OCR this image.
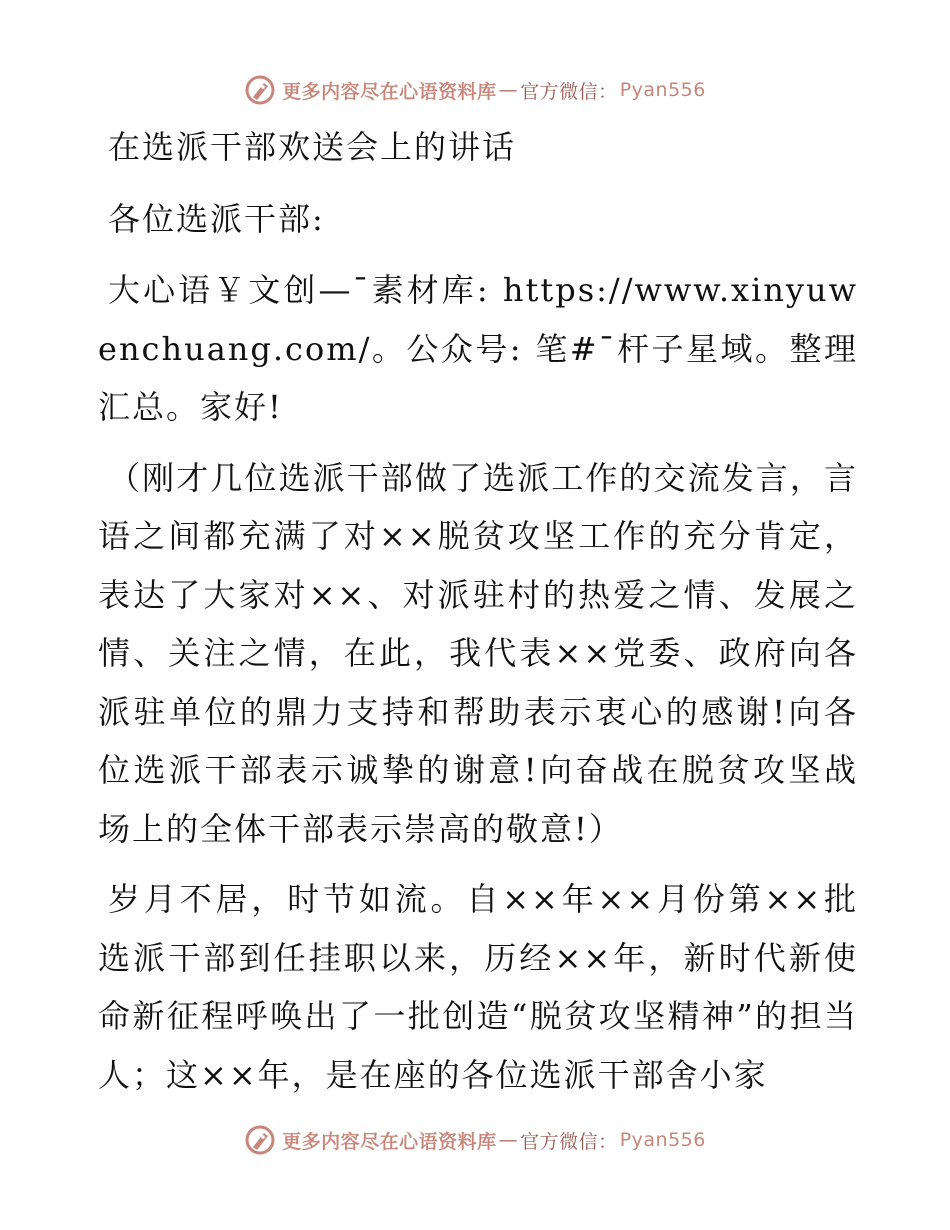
更多内容尽在心语资料库 — 官方微信： Pyan556

在选派干部欢送会上的讲话

各位选派干部:

大心语￥文创—¯素材库: https://www.xinyuwenchuang.com/。公众号: 笔#¯杆子星域。整理汇总。家好!

（刚才几位选派干部做了选派工作的交流发言，言语之间都充满了对××脱贫攻坚工作的充分肯定，表达了大家对××、对派驻村的热爱之情、发展之情、关注之情，在此，我代表××党委、政府向各派驻单位的鼎力支持和帮助表示衷心的感谢!向各位选派干部表示诚挚的谢意!向奋战在脱贫攻坚战场上的全体干部表示崇高的敬意!）

岁月不居，时节如流。自××年××月份第××批选派干部到任挂职以来，历经××年，新时代新使命新征程呼唤出了一批创造“脱贫攻坚精神”的担当人；这××年，是在座的各位选派干部舍小家

更多内容尽在心语资料库 — 官方微信： Pyan556
